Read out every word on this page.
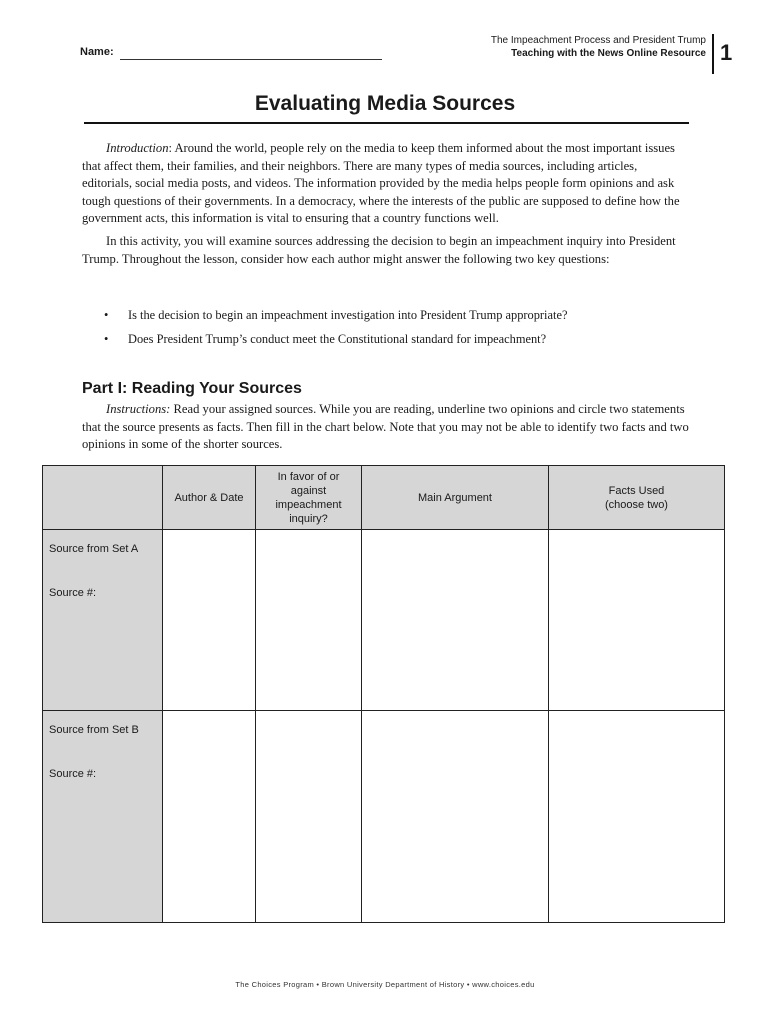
Name:
The Impeachment Process and President Trump
Teaching with the News Online Resource 1
Evaluating Media Sources
Introduction: Around the world, people rely on the media to keep them informed about the most important issues that affect them, their families, and their neighbors. There are many types of media sources, including articles, editorials, social media posts, and videos. The information provided by the media helps people form opinions and ask tough questions of their governments. In a democracy, where the interests of the public are supposed to define how the government acts, this information is vital to ensuring that a country functions well.
In this activity, you will examine sources addressing the decision to begin an impeachment inquiry into President Trump. Throughout the lesson, consider how each author might answer the following two key questions:
• Is the decision to begin an impeachment investigation into President Trump appropriate?
• Does President Trump’s conduct meet the Constitutional standard for impeachment?
Part I: Reading Your Sources
Instructions: Read your assigned sources. While you are reading, underline two opinions and circle two statements that the source presents as facts. Then fill in the chart below. Note that you may not be able to identify two facts and two opinions in some of the shorter sources.
	Author & Date	In favor of or against impeachment inquiry?	Main Argument	Facts Used (choose two)

Source from Set A
Source #:				

Source from Set B
Source #:				

The Choices Program • Brown University Department of History • www.choices.edu
